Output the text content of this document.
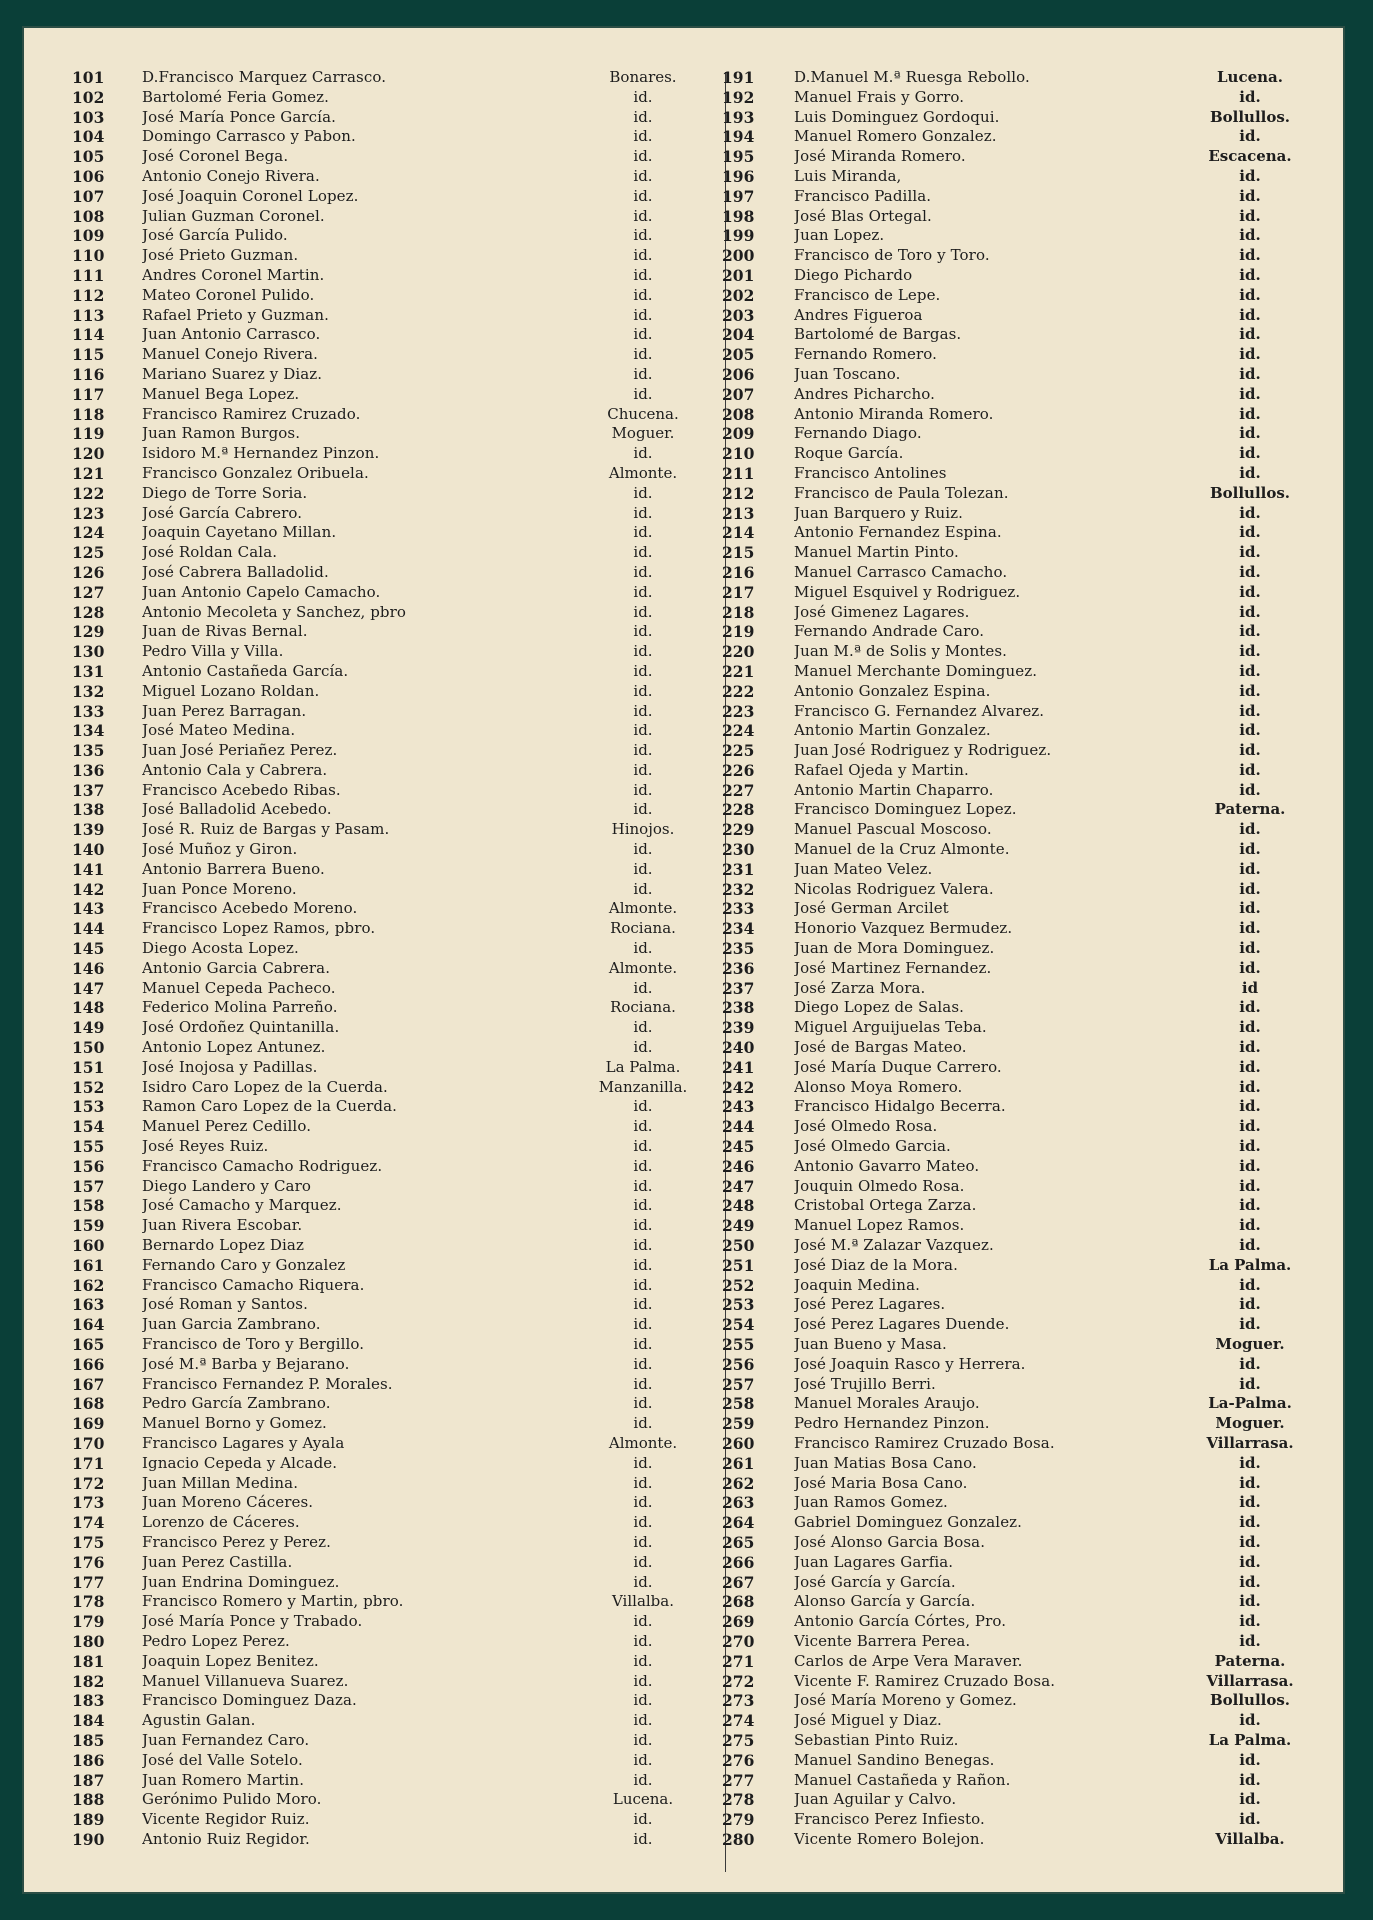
101	D.Francisco Marquez Carrasco.	Bonares.
102	Bartolomé Feria Gomez.	id.
103	José María Ponce García.	id.
104	Domingo Carrasco y Pabon.	id.
105	José Coronel Bega.	id.
106	Antonio Conejo Rivera.	id.
107	José Joaquin Coronel Lopez.	id.
108	Julian Guzman Coronel.	id.
109	José García Pulido.	id.
110	José Prieto Guzman.	id.
111	Andres Coronel Martin.	id.
112	Mateo Coronel Pulido.	id.
113	Rafael Prieto y Guzman.	id.
114	Juan Antonio Carrasco.	id.
115	Manuel Conejo Rivera.	id.
116	Mariano Suarez y Diaz.	id.
117	Manuel Bega Lopez.	id.
118	Francisco Ramirez Cruzado.	Chucena.
119	Juan Ramon Burgos.	Moguer.
120	Isidoro M.ª Hernandez Pinzon.	id.
121	Francisco Gonzalez Oribuela.	Almonte.
122	Diego de Torre Soria.	id.
123	José García Cabrero.	id.
124	Joaquin Cayetano Millan.	id.
125	José Roldan Cala.	id.
126	José Cabrera Balladolid.	id.
127	Juan Antonio Capelo Camacho.	id.
128	Antonio Mecoleta y Sanchez, pbro	id.
129	Juan de Rivas Bernal.	id.
130	Pedro Villa y Villa.	id.
131	Antonio Castañeda García.	id.
132	Miguel Lozano Roldan.	id.
133	Juan Perez Barragan.	id.
134	José Mateo Medina.	id.
135	Juan José Periañez Perez.	id.
136	Antonio Cala y Cabrera.	id.
137	Francisco Acebedo Ribas.	id.
138	José Balladolid Acebedo.	id.
139	José R. Ruiz de Bargas y Pasam.	Hinojos.
140	José Muñoz y Giron.	id.
141	Antonio Barrera Bueno.	id.
142	Juan Ponce Moreno.	id.
143	Francisco Acebedo Moreno.	Almonte.
144	Francisco Lopez Ramos, pbro.	Rociana.
145	Diego Acosta Lopez.	id.
146	Antonio Garcia Cabrera.	Almonte.
147	Manuel Cepeda Pacheco.	id.
148	Federico Molina Parreño.	Rociana.
149	José Ordoñez Quintanilla.	id.
150	Antonio Lopez Antunez.	id.
151	José Inojosa y Padillas.	La Palma.
152	Isidro Caro Lopez de la Cuerda.	Manzanilla.
153	Ramon Caro Lopez de la Cuerda.	id.
154	Manuel Perez Cedillo.	id.
155	José Reyes Ruiz.	id.
156	Francisco Camacho Rodriguez.	id.
157	Diego Landero y Caro	id.
158	José Camacho y Marquez.	id.
159	Juan Rivera Escobar.	id.
160	Bernardo Lopez Diaz	id.
161	Fernando Caro y Gonzalez	id.
162	Francisco Camacho Riquera.	id.
163	José Roman y Santos.	id.
164	Juan Garcia Zambrano.	id.
165	Francisco de Toro y Bergillo.	id.
166	José M.ª Barba y Bejarano.	id.
167	Francisco Fernandez P. Morales.	id.
168	Pedro García Zambrano.	id.
169	Manuel Borno y Gomez.	id.
170	Francisco Lagares y Ayala	Almonte.
171	Ignacio Cepeda y Alcade.	id.
172	Juan Millan Medina.	id.
173	Juan Moreno Cáceres.	id.
174	Lorenzo de Cáceres.	id.
175	Francisco Perez y Perez.	id.
176	Juan Perez Castilla.	id.
177	Juan Endrina Dominguez.	id.
178	Francisco Romero y Martin, pbro.	Villalba.
179	José María Ponce y Trabado.	id.
180	Pedro Lopez Perez.	id.
181	Joaquin Lopez Benitez.	id.
182	Manuel Villanueva Suarez.	id.
183	Francisco Dominguez Daza.	id.
184	Agustin Galan.	id.
185	Juan Fernandez Caro.	id.
186	José del Valle Sotelo.	id.
187	Juan Romero Martin.	id.
188	Gerónimo Pulido Moro.	Lucena.
189	Vicente Regidor Ruiz.	id.
190	Antonio Ruiz Regidor.	id.
191	D.Manuel M.ª Ruesga Rebollo.	Lucena.
192	Manuel Frais y Gorro.	id.
193	Luis Dominguez Gordoqui.	Bollullos.
194	Manuel Romero Gonzalez.	id.
195	José Miranda Romero.	Escacena.
196	Luis Miranda,	id.
197	Francisco Padilla.	id.
198	José Blas Ortegal.	id.
199	Juan Lopez.	id.
200	Francisco de Toro y Toro.	id.
201	Diego Pichardo	id.
202	Francisco de Lepe.	id.
203	Andres Figueroa	id.
204	Bartolomé de Bargas.	id.
205	Fernando Romero.	id.
206	Juan Toscano.	id.
207	Andres Picharcho.	id.
208	Antonio Miranda Romero.	id.
209	Fernando Diago.	id.
210	Roque García.	id.
211	Francisco Antolines	id.
212	Francisco de Paula Tolezan.	Bollullos.
213	Juan Barquero y Ruiz.	id.
214	Antonio Fernandez Espina.	id.
215	Manuel Martin Pinto.	id.
216	Manuel Carrasco Camacho.	id.
217	Miguel Esquivel y Rodriguez.	id.
218	José Gimenez Lagares.	id.
219	Fernando Andrade Caro.	id.
220	Juan M.ª de Solis y Montes.	id.
221	Manuel Merchante Dominguez.	id.
222	Antonio Gonzalez Espina.	id.
223	Francisco G. Fernandez Alvarez.	id.
224	Antonio Martin Gonzalez.	id.
225	Juan José Rodriguez y Rodriguez.	id.
226	Rafael Ojeda y Martin.	id.
227	Antonio Martin Chaparro.	id.
228	Francisco Dominguez Lopez.	Paterna.
229	Manuel Pascual Moscoso.	id.
230	Manuel de la Cruz Almonte.	id.
231	Juan Mateo Velez.	id.
232	Nicolas Rodriguez Valera.	id.
233	José German Arcilet	id.
234	Honorio Vazquez Bermudez.	id.
235	Juan de Mora Dominguez.	id.
236	José Martinez Fernandez.	id.
237	José Zarza Mora.	id
238	Diego Lopez de Salas.	id.
239	Miguel Arguijuelas Teba.	id.
240	José de Bargas Mateo.	id.
241	José María Duque Carrero.	id.
242	Alonso Moya Romero.	id.
243	Francisco Hidalgo Becerra.	id.
244	José Olmedo Rosa.	id.
245	José Olmedo Garcia.	id.
246	Antonio Gavarro Mateo.	id.
247	Jouquin Olmedo Rosa.	id.
248	Cristobal Ortega Zarza.	id.
249	Manuel Lopez Ramos.	id.
250	José M.ª Zalazar Vazquez.	id.
251	José Diaz de la Mora.	La Palma.
252	Joaquin Medina.	id.
253	José Perez Lagares.	id.
254	José Perez Lagares Duende.	id.
255	Juan Bueno y Masa.	Moguer.
256	José Joaquin Rasco y Herrera.	id.
257	José Trujillo Berri.	id.
258	Manuel Morales Araujo.	La-Palma.
259	Pedro Hernandez Pinzon.	Moguer.
260	Francisco Ramirez Cruzado Bosa.	Villarrasa.
261	Juan Matias Bosa Cano.	id.
262	José Maria Bosa Cano.	id.
263	Juan Ramos Gomez.	id.
264	Gabriel Dominguez Gonzalez.	id.
265	José Alonso Garcia Bosa.	id.
266	Juan Lagares Garfia.	id.
267	José García y García.	id.
268	Alonso García y García.	id.
269	Antonio García Córtes, Pro.	id.
270	Vicente Barrera Perea.	id.
271	Carlos de Arpe Vera Maraver.	Paterna.
272	Vicente F. Ramirez Cruzado Bosa.	Villarrasa.
273	José María Moreno y Gomez.	Bollullos.
274	José Miguel y Diaz.	id.
275	Sebastian Pinto Ruiz.	La Palma.
276	Manuel Sandino Benegas.	id.
277	Manuel Castañeda y Rañon.	id.
278	Juan Aguilar y Calvo.	id.
279	Francisco Perez Infiesto.	id.
280	Vicente Romero Bolejon.	Villalba.
